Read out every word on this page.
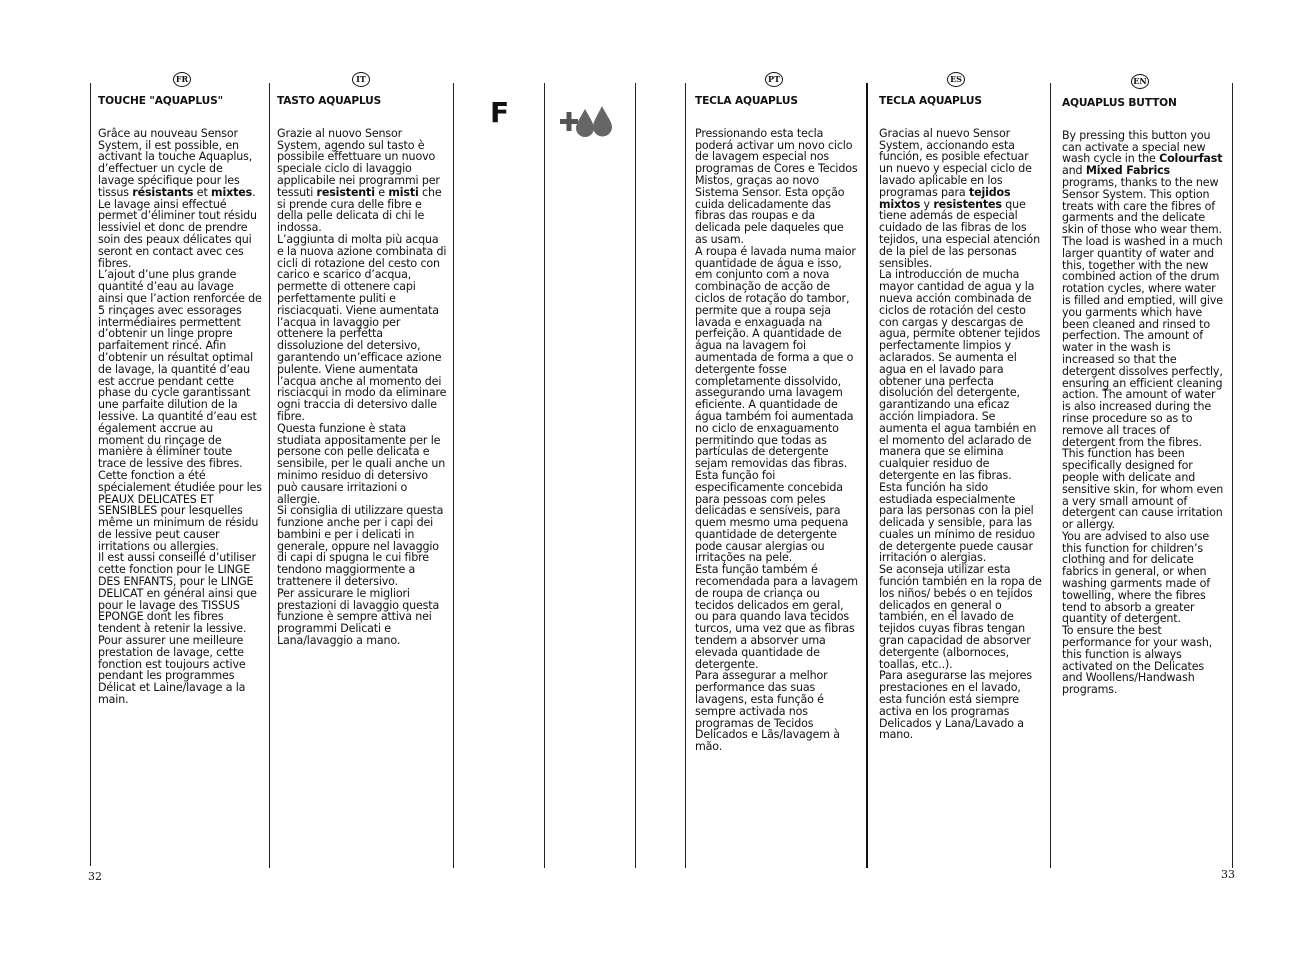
FR	IT	PT	ES	EN
F

TOUCHE "AQUAPLUS"

Grâce au nouveau Sensor System, il est possible, en activant la touche Aquaplus, d’effectuer un cycle de lavage spécifique pour les tissus résistants et mixtes. Le lavage ainsi effectué permet d’éliminer tout résidu lessiviel et donc de prendre soin des peaux délicates qui seront en contact avec ces fibres.

L’ajout d’une plus grande quantité d’eau au lavage ainsi que l’action renforcée de 5 rinçages avec essorages intermédiaires permettent d’obtenir un linge propre parfaitement rincé. Afin d’obtenir un résultat optimal de lavage, la quantité d’eau est accrue pendant cette phase du cycle garantissant une parfaite dilution de la lessive. La quantité d’eau est également accrue au moment du rinçage de manière à éliminer toute trace de lessive des fibres.

Cette fonction a été spécialement étudiée pour les PEAUX DELICATES ET SENSIBLES pour lesquelles même un minimum de résidu de lessive peut causer irritations ou allergies.

Il est aussi conseillé d’utiliser cette fonction pour le LINGE DES ENFANTS, pour le LINGE DELICAT en général ainsi que pour le lavage des TISSUS EPONGE dont les fibres tendent à retenir la lessive.

Pour assurer une meilleure prestation de lavage, cette fonction est toujours active pendant les programmes Délicat et Laine/lavage a la main.

TASTO AQUAPLUS

Grazie al nuovo Sensor System, agendo sul tasto è possibile effettuare un nuovo speciale ciclo di lavaggio applicabile nei programmi per tessuti resistenti e misti che si prende cura delle fibre e della pelle delicata di chi le indossa.

L’aggiunta di molta più acqua e la nuova azione combinata di cicli di rotazione del cesto con carico e scarico d’acqua, permette di ottenere capi perfettamente puliti e risciacquati. Viene aumentata l’acqua in lavaggio per ottenere la perfetta dissoluzione del detersivo, garantendo un’efficace azione pulente. Viene aumentata l’acqua anche al momento dei risciacqui in modo da eliminare ogni traccia di detersivo dalle fibre.

Questa funzione è stata studiata appositamente per le persone con pelle delicata e sensibile, per le quali anche un minimo residuo di detersivo può causare irritazioni o allergie.

Si consiglia di utilizzare questa funzione anche per i capi dei bambini e per i delicati in generale, oppure nel lavaggio di capi di spugna le cui fibre tendono maggiormente a trattenere il detersivo.

Per assicurare le migliori prestazioni di lavaggio questa funzione è sempre attiva nei programmi Delicati e Lana/lavaggio a mano.

TECLA AQUAPLUS

Pressionando esta tecla poderá activar um novo ciclo de lavagem especial nos programas de Cores e Tecidos Mistos, graças ao novo Sistema Sensor. Esta opção cuida delicadamente das fibras das roupas e da delicada pele daqueles que as usam.

A roupa é lavada numa maior quantidade de água e isso, em conjunto com a nova combinação de acção de ciclos de rotação do tambor, permite que a roupa seja lavada e enxaguada na perfeição. A quantidade de água na lavagem foi aumentada de forma a que o detergente fosse completamente dissolvido, assegurando uma lavagem eficiente. A quantidade de água também foi aumentada no ciclo de enxaguamento permitindo que todas as partículas de detergente sejam removidas das fibras.

Esta função foi especificamente concebida para pessoas com peles delicadas e sensíveis, para quem mesmo uma pequena quantidade de detergente pode causar alergias ou irritações na pele.

Esta função também é recomendada para a lavagem de roupa de criança ou tecidos delicados em geral, ou para quando lava tecidos turcos, uma vez que as fibras tendem a absorver uma elevada quantidade de detergente.

Para assegurar a melhor performance das suas lavagens, esta função é sempre activada nos programas de Tecidos Delicados e Lãs/lavagem à mão.

TECLA AQUAPLUS

Gracias al nuevo Sensor System, accionando esta función, es posible efectuar un nuevo y especial ciclo de lavado aplicable en los programas para tejidos mixtos y resistentes que tiene además de especial cuidado de las fibras de los tejidos, una especial atención de la piel de las personas sensibles.

La introducción de mucha mayor cantidad de agua y la nueva acción combinada de ciclos de rotación del cesto con cargas y descargas de agua, permite obtener tejidos perfectamente limpios y aclarados. Se aumenta el agua en el lavado para obtener una perfecta disolución del detergente, garantizando una eficaz acción limpiadora. Se aumenta el agua también en el momento del aclarado de manera que se elimina cualquier residuo de detergente en las fibras.

Esta función ha sido estudiada especialmente para las personas con la piel delicada y sensible, para las cuales un mínimo de residuo de detergente puede causar irritación o alergias.

Se aconseja utilizar esta función también en la ropa de los niños/ bebés o en tejidos delicados en general o también, en el lavado de tejidos cuyas fibras tengan gran capacidad de absorver detergente (albornoces, toallas, etc..).

Para asegurarse las mejores prestaciones en el lavado, esta función está siempre activa en los programas Delicados y Lana/Lavado a mano.

AQUAPLUS BUTTON

By pressing this button you can activate a special new wash cycle in the Colourfast and Mixed Fabrics programs, thanks to the new Sensor System. This option treats with care the fibres of garments and the delicate skin of those who wear them.

The load is washed in a much larger quantity of water and this, together with the new combined action of the drum rotation cycles, where water is filled and emptied, will give you garments which have been cleaned and rinsed to perfection. The amount of water in the wash is increased so that the detergent dissolves perfectly, ensuring an efficient cleaning action. The amount of water is also increased during the rinse procedure so as to remove all traces of detergent from the fibres.

This function has been specifically designed for people with delicate and sensitive skin, for whom even a very small amount of detergent can cause irritation or allergy.

You are advised to also use this function for children’s clothing and for delicate fabrics in general, or when washing garments made of towelling, where the fibres tend to absorb a greater quantity of detergent.

To ensure the best performance for your wash, this function is always activated on the Delicates and Woollens/Handwash programs.

32	33
